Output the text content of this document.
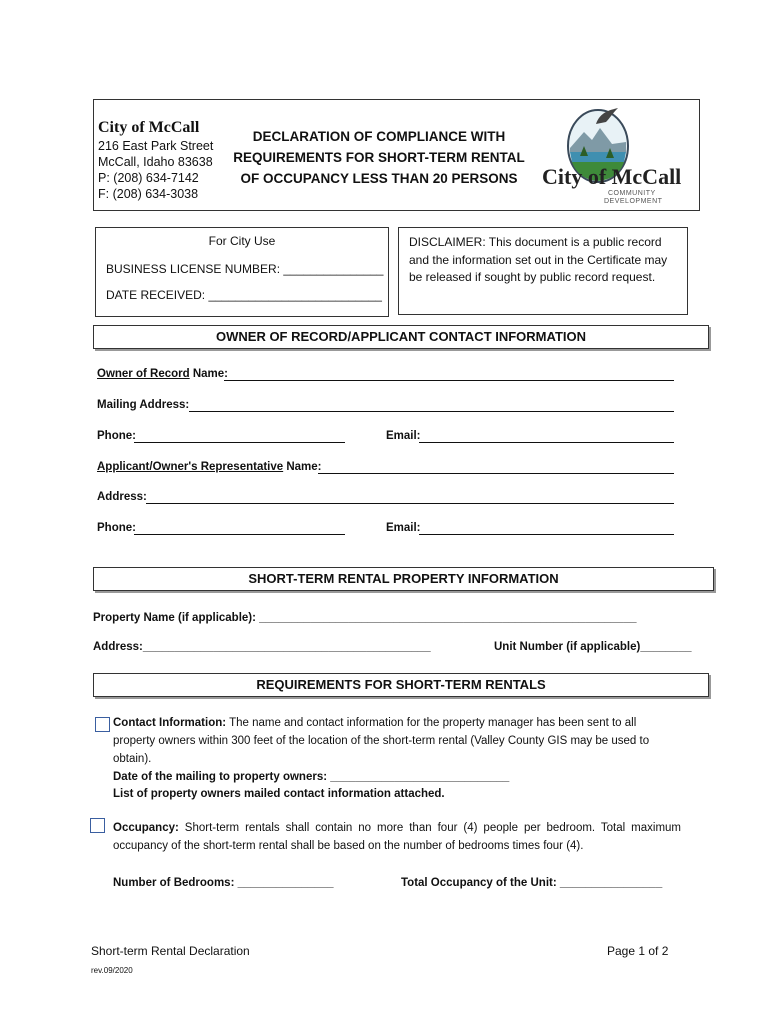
City of McCall
216 East Park Street
McCall, Idaho 83638
P: (208) 634-7142
F: (208) 634-3038
DECLARATION OF COMPLIANCE WITH
REQUIREMENTS FOR SHORT-TERM RENTAL
OF OCCUPANCY LESS THAN 20 PERSONS	City of McCall
COMMUNITY
DEVELOPMENT
For City Use
BUSINESS LICENSE NUMBER: _______________
DATE RECEIVED: __________________________
DISCLAIMER: This document is a public record and the information set out in the Certificate may be released if sought by public record request.
OWNER OF RECORD/APPLICANT CONTACT INFORMATION
Owner of Record Name:
Mailing Address:
Phone:	Email:
Applicant/Owner's Representative Name:
Address:
Phone:	Email:
SHORT-TERM RENTAL PROPERTY INFORMATION
Property Name (if applicable): ___________________________________________________________
Address:_____________________________________________	Unit Number (if applicable)________
REQUIREMENTS FOR SHORT-TERM RENTALS
Contact Information: The name and contact information for the property manager has been sent to all property owners within 300 feet of the location of the short-term rental (Valley County GIS may be used to obtain).
Date of the mailing to property owners: ____________________________
List of property owners mailed contact information attached.
Occupancy: Short-term rentals shall contain no more than four (4) people per bedroom. Total maximum occupancy of the short-term rental shall be based on the number of bedrooms times four (4).
Number of Bedrooms: _______________	Total Occupancy of the Unit: ________________
Short-term Rental Declaration	Page 1 of 2
rev.09/2020
